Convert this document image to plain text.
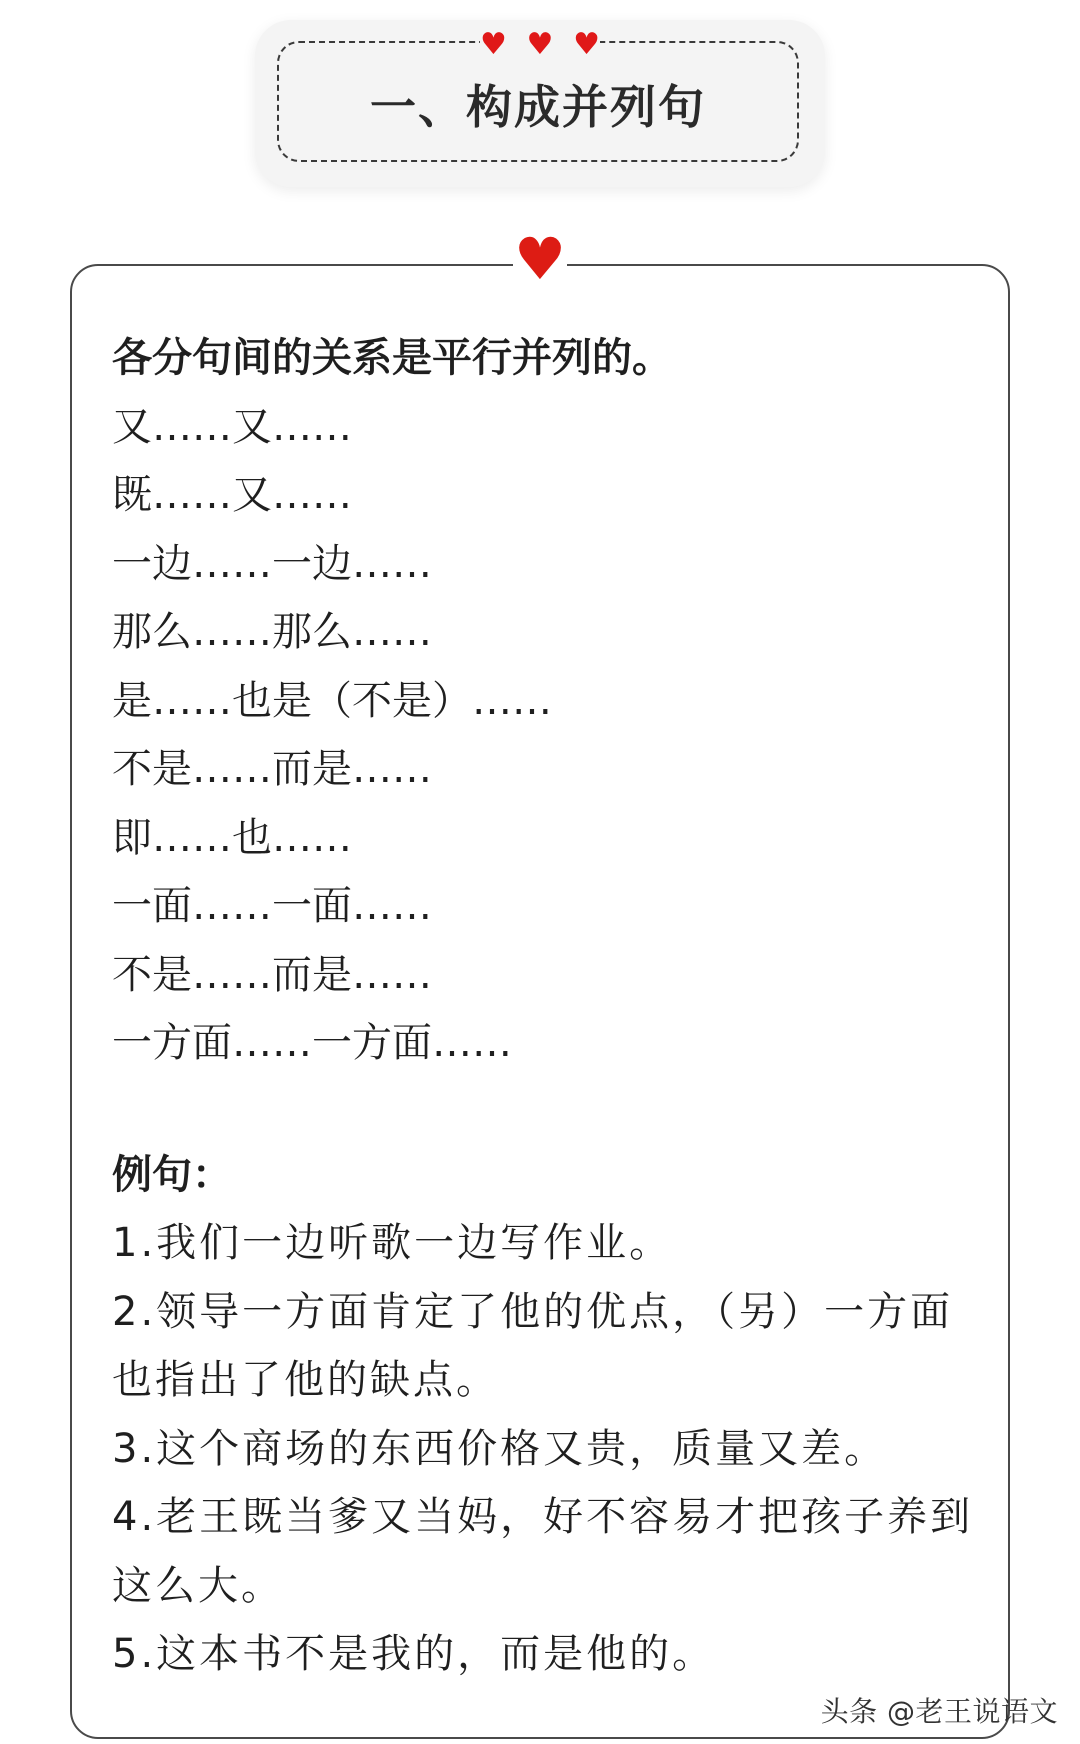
一、构成并列句
♥ ♥ ♥
♥
各分句间的关系是平行并列的。
又……又……
既……又……
一边……一边……
那么……那么……
是……也是（不是）……
不是……而是……
即……也……
一面……一面……
不是……而是……
一方面……一方面……
例句：
1.我们一边听歌一边写作业。
2.领导一方面肯定了他的优点，（另）一方面也指出了他的缺点。
3.这个商场的东西价格又贵，质量又差。
4.老王既当爹又当妈，好不容易才把孩子养到这么大。
5.这本书不是我的，而是他的。
头条 @老王说语文
